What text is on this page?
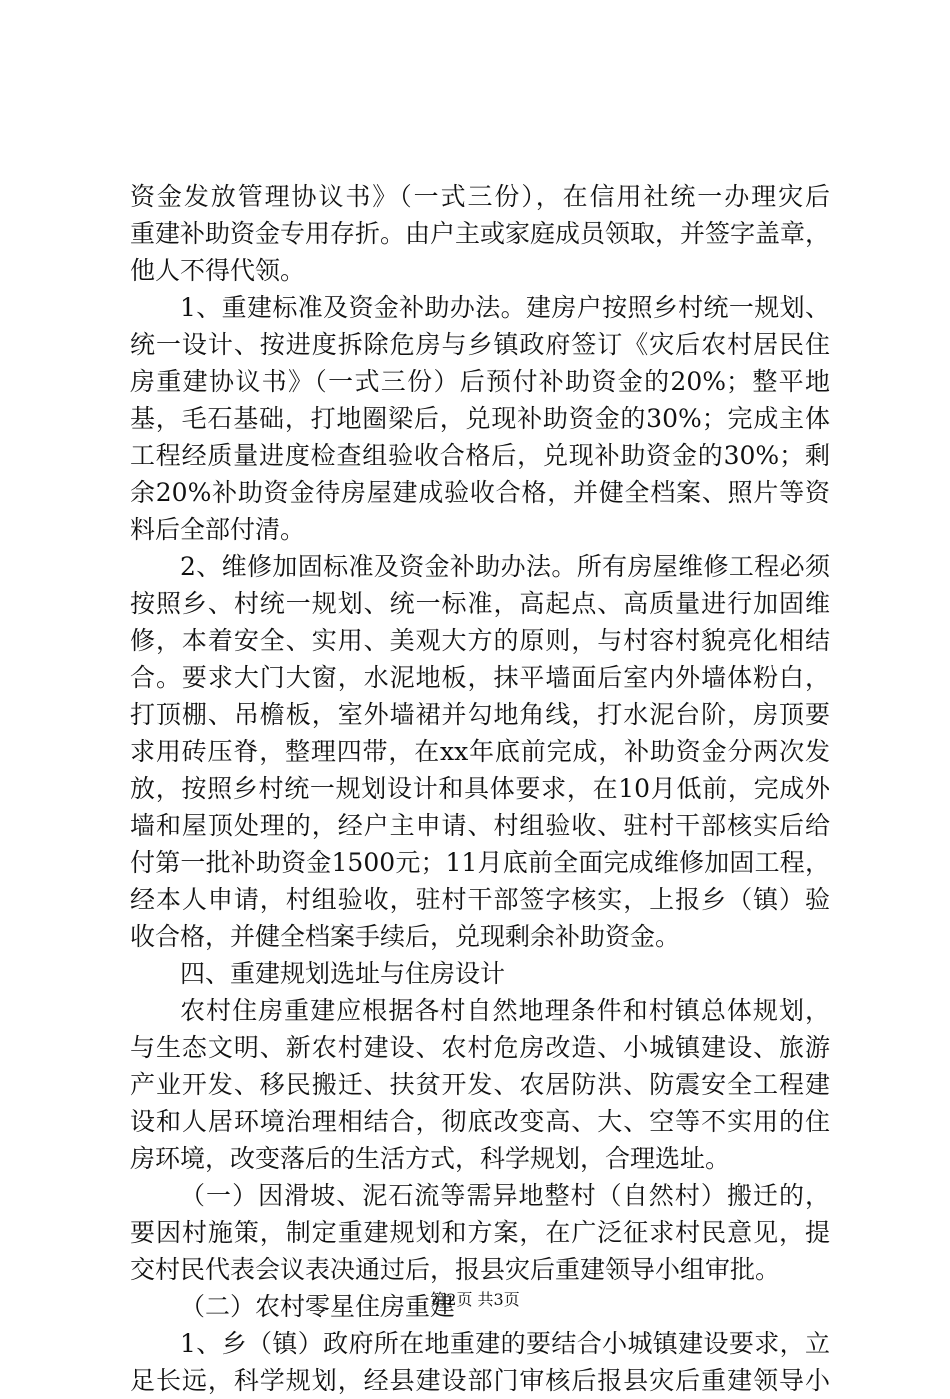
资金发放管理协议书》（一式三份），在信用社统一办理灾后
重建补助资金专用存折。由户主或家庭成员领取，并签字盖章，
他人不得代领。
1、重建标准及资金补助办法。建房户按照乡村统一规划、
统一设计、按进度拆除危房与乡镇政府签订《灾后农村居民住
房重建协议书》（一式三份）后预付补助资金的20%；整平地
基，毛石基础，打地圈梁后，兑现补助资金的30%；完成主体
工程经质量进度检查组验收合格后，兑现补助资金的30%；剩
余20%补助资金待房屋建成验收合格，并健全档案、照片等资
料后全部付清。
2、维修加固标准及资金补助办法。所有房屋维修工程必须
按照乡、村统一规划、统一标准，高起点、高质量进行加固维
修，本着安全、实用、美观大方的原则，与村容村貌亮化相结
合。要求大门大窗，水泥地板，抹平墙面后室内外墙体粉白，
打顶棚、吊檐板，室外墙裙并勾地角线，打水泥台阶，房顶要
求用砖压脊，整理四带，在xx年底前完成，补助资金分两次发
放，按照乡村统一规划设计和具体要求，在10月低前，完成外
墙和屋顶处理的，经户主申请、村组验收、驻村干部核实后给
付第一批补助资金1500元；11月底前全面完成维修加固工程，
经本人申请，村组验收，驻村干部签字核实，上报乡（镇）验
收合格，并健全档案手续后，兑现剩余补助资金。
四、重建规划选址与住房设计
农村住房重建应根据各村自然地理条件和村镇总体规划，
与生态文明、新农村建设、农村危房改造、小城镇建设、旅游
产业开发、移民搬迁、扶贫开发、农居防洪、防震安全工程建
设和人居环境治理相结合，彻底改变高、大、空等不实用的住
房环境，改变落后的生活方式，科学规划，合理选址。
（一）因滑坡、泥石流等需异地整村（自然村）搬迁的，
要因村施策，制定重建规划和方案，在广泛征求村民意见，提
交村民代表会议表决通过后，报县灾后重建领导小组审批。
（二）农村零星住房重建
1、乡（镇）政府所在地重建的要结合小城镇建设要求，立
足长远，科学规划，经县建设部门审核后报县灾后重建领导小
第2页 共3页
